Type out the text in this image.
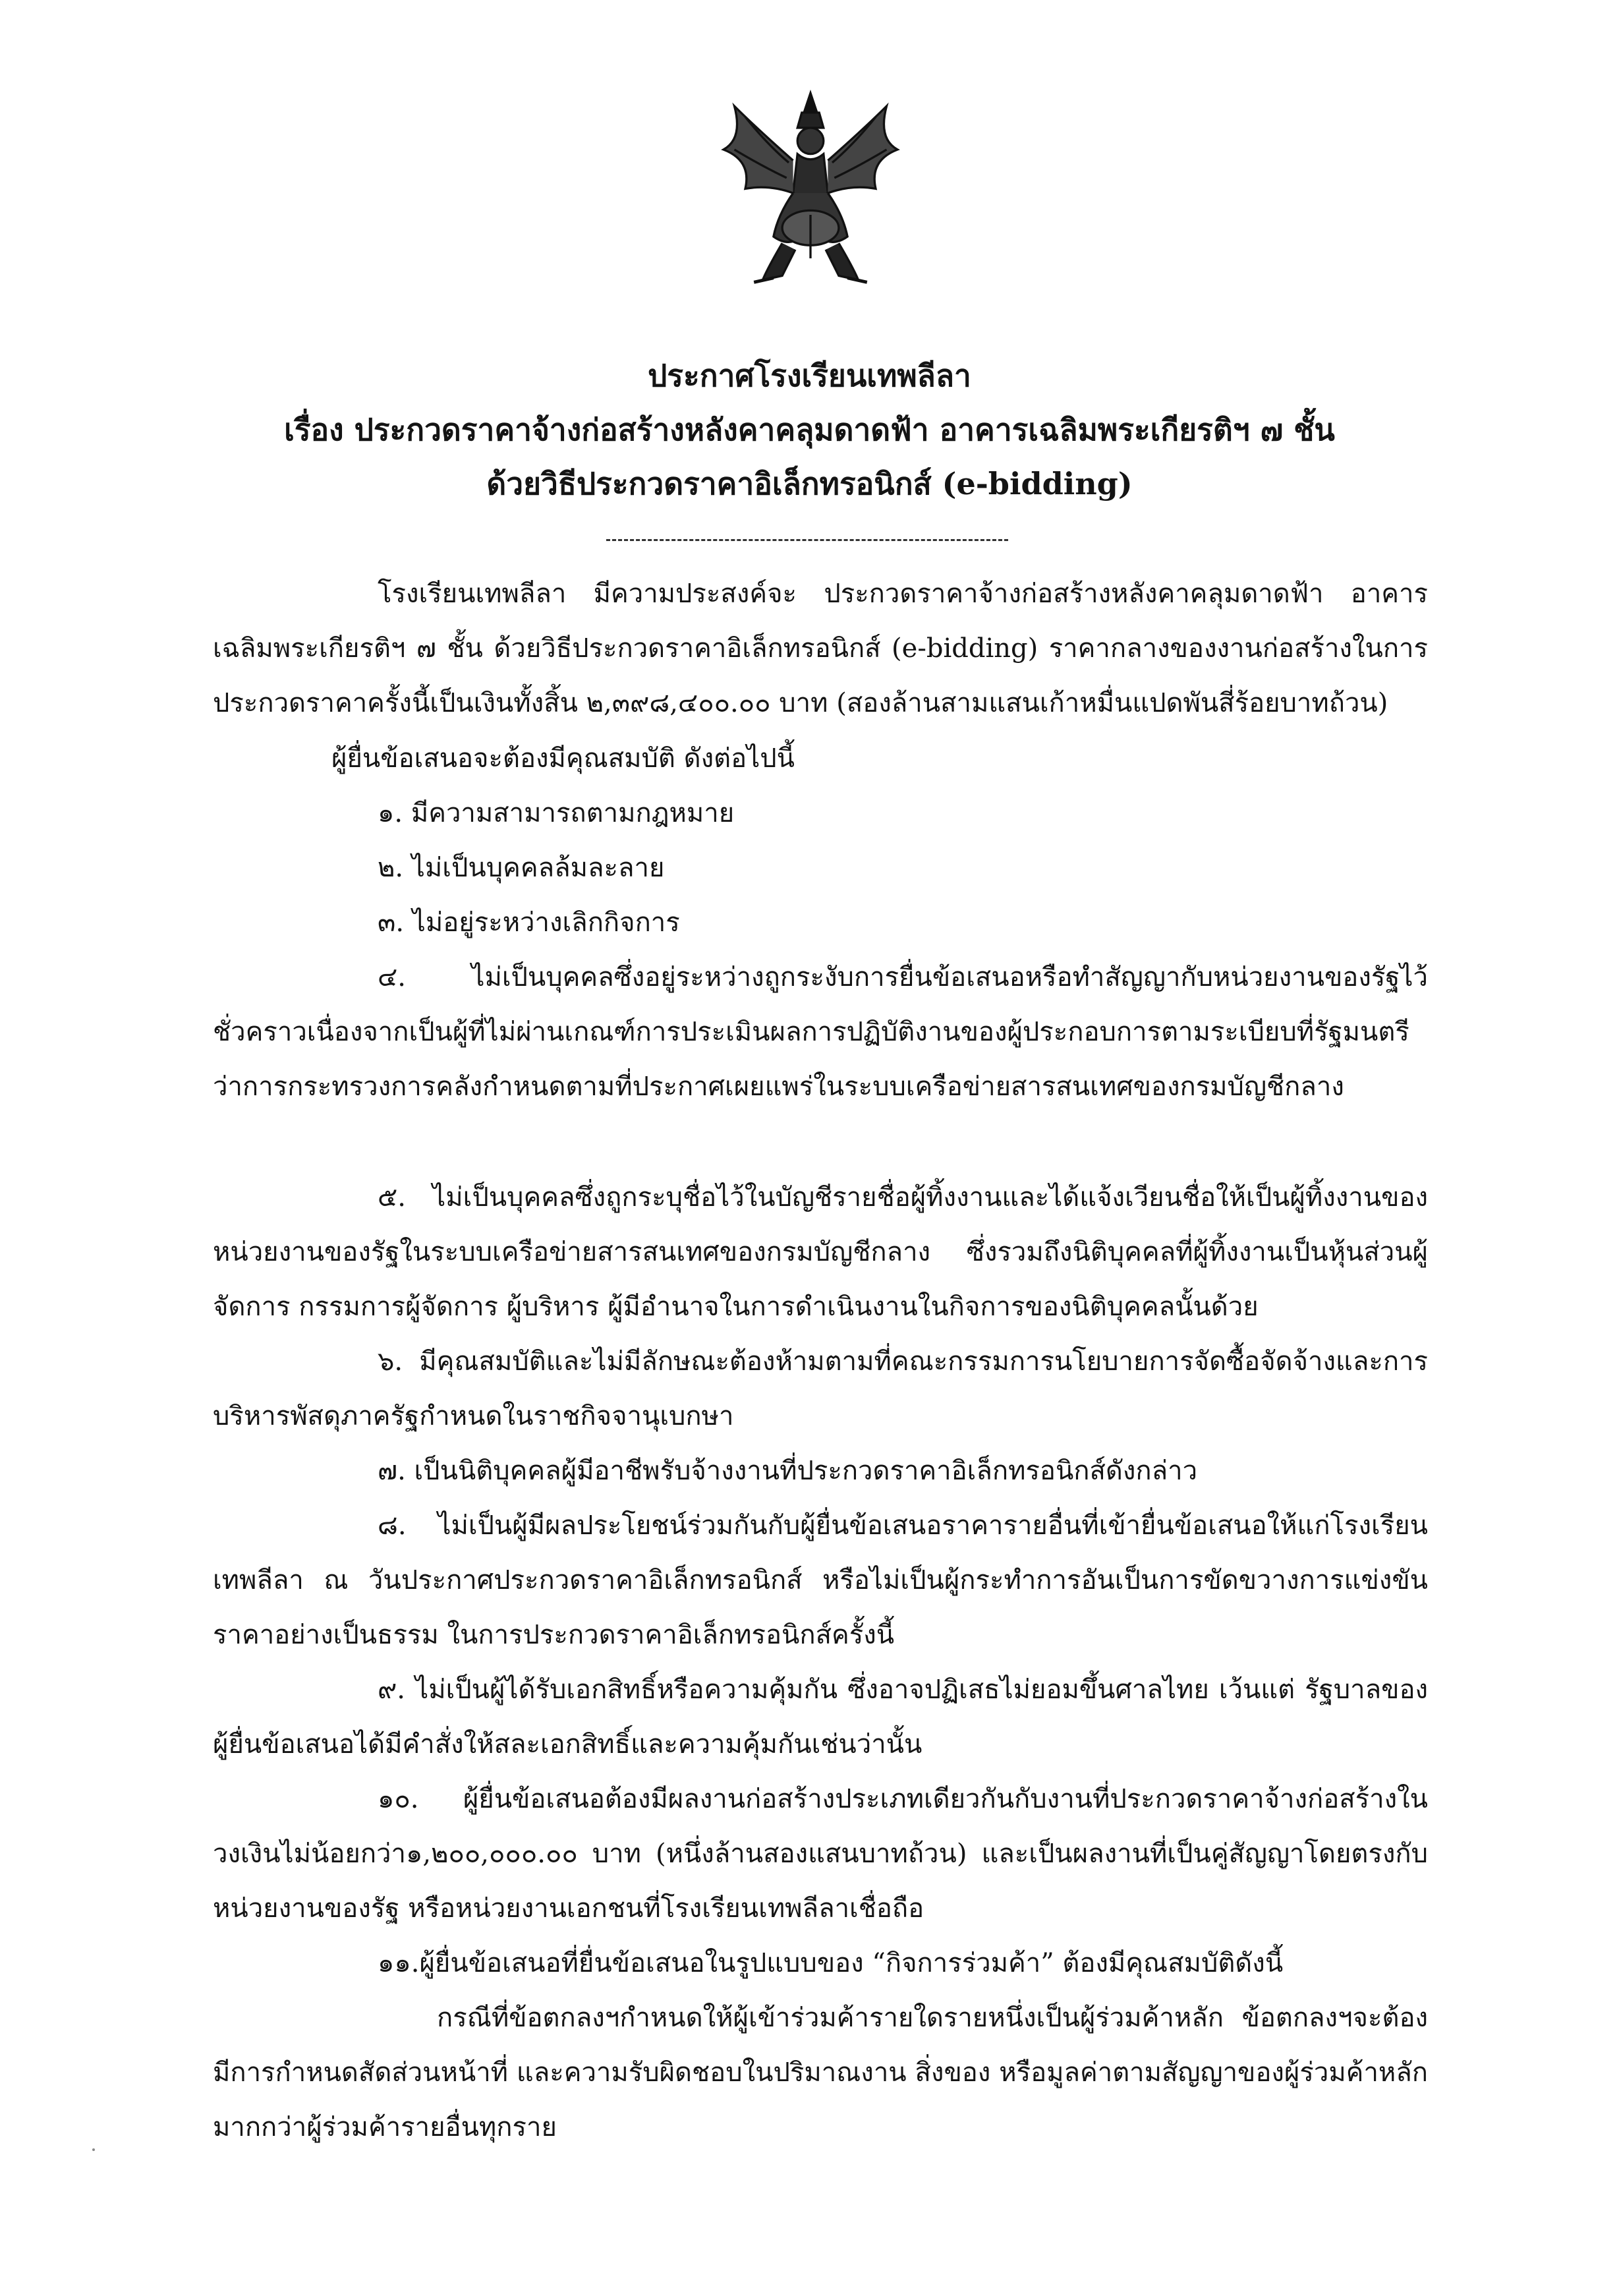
ประกาศโรงเรียนเทพลีลา
เรื่อง ประกวดราคาจ้างก่อสร้างหลังคาคลุมดาดฟ้า อาคารเฉลิมพระเกียรติฯ ๗ ชั้น
ด้วยวิธีประกวดราคาอิเล็กทรอนิกส์ (e-bidding)
โรงเรียนเทพลีลา มีความประสงค์จะ ประกวดราคาจ้างก่อสร้างหลังคาคลุมดาดฟ้า อาคารเฉลิมพระเกียรติฯ ๗ ชั้น ด้วยวิธีประกวดราคาอิเล็กทรอนิกส์ (e-bidding) ราคากลางของงานก่อสร้างในการประกวดราคาครั้งนี้เป็นเงินทั้งสิ้น ๒,๓๙๘,๔๐๐.๐๐ บาท (สองล้านสามแสนเก้าหมื่นแปดพันสี่ร้อยบาทถ้วน)
ผู้ยื่นข้อเสนอจะต้องมีคุณสมบัติ ดังต่อไปนี้
๑. มีความสามารถตามกฎหมาย
๒. ไม่เป็นบุคคลล้มละลาย
๓. ไม่อยู่ระหว่างเลิกกิจการ
๔. ไม่เป็นบุคคลซึ่งอยู่ระหว่างถูกระงับการยื่นข้อเสนอหรือทำสัญญากับหน่วยงานของรัฐไว้ชั่วคราวเนื่องจากเป็นผู้ที่ไม่ผ่านเกณฑ์การประเมินผลการปฏิบัติงานของผู้ประกอบการตามระเบียบที่รัฐมนตรีว่าการกระทรวงการคลังกำหนดตามที่ประกาศเผยแพร่ในระบบเครือข่ายสารสนเทศของกรมบัญชีกลาง
๕. ไม่เป็นบุคคลซึ่งถูกระบุชื่อไว้ในบัญชีรายชื่อผู้ทิ้งงานและได้แจ้งเวียนชื่อให้เป็นผู้ทิ้งงานของหน่วยงานของรัฐในระบบเครือข่ายสารสนเทศของกรมบัญชีกลาง ซึ่งรวมถึงนิติบุคคลที่ผู้ทิ้งงานเป็นหุ้นส่วนผู้จัดการ กรรมการผู้จัดการ ผู้บริหาร ผู้มีอำนาจในการดำเนินงานในกิจการของนิติบุคคลนั้นด้วย
๖. มีคุณสมบัติและไม่มีลักษณะต้องห้ามตามที่คณะกรรมการนโยบายการจัดซื้อจัดจ้างและการบริหารพัสดุภาครัฐกำหนดในราชกิจจานุเบกษา
๗. เป็นนิติบุคคลผู้มีอาชีพรับจ้างงานที่ประกวดราคาอิเล็กทรอนิกส์ดังกล่าว
๘. ไม่เป็นผู้มีผลประโยชน์ร่วมกันกับผู้ยื่นข้อเสนอราคารายอื่นที่เข้ายื่นข้อเสนอให้แก่โรงเรียนเทพลีลา ณ วันประกาศประกวดราคาอิเล็กทรอนิกส์ หรือไม่เป็นผู้กระทำการอันเป็นการขัดขวางการแข่งขันราคาอย่างเป็นธรรม ในการประกวดราคาอิเล็กทรอนิกส์ครั้งนี้
๙. ไม่เป็นผู้ได้รับเอกสิทธิ์หรือความคุ้มกัน ซึ่งอาจปฏิเสธไม่ยอมขึ้นศาลไทย เว้นแต่ รัฐบาลของผู้ยื่นข้อเสนอได้มีคำสั่งให้สละเอกสิทธิ์และความคุ้มกันเช่นว่านั้น
๑๐. ผู้ยื่นข้อเสนอต้องมีผลงานก่อสร้างประเภทเดียวกันกับงานที่ประกวดราคาจ้างก่อสร้างในวงเงินไม่น้อยกว่า๑,๒๐๐,๐๐๐.๐๐ บาท (หนึ่งล้านสองแสนบาทถ้วน) และเป็นผลงานที่เป็นคู่สัญญาโดยตรงกับหน่วยงานของรัฐ หรือหน่วยงานเอกชนที่โรงเรียนเทพลีลาเชื่อถือ
๑๑.ผู้ยื่นข้อเสนอที่ยื่นข้อเสนอในรูปแบบของ “กิจการร่วมค้า” ต้องมีคุณสมบัติดังนี้
กรณีที่ข้อตกลงฯกำหนดให้ผู้เข้าร่วมค้ารายใดรายหนึ่งเป็นผู้ร่วมค้าหลัก ข้อตกลงฯจะต้องมีการกำหนดสัดส่วนหน้าที่ และความรับผิดชอบในปริมาณงาน สิ่งของ หรือมูลค่าตามสัญญาของผู้ร่วมค้าหลักมากกว่าผู้ร่วมค้ารายอื่นทุกราย
